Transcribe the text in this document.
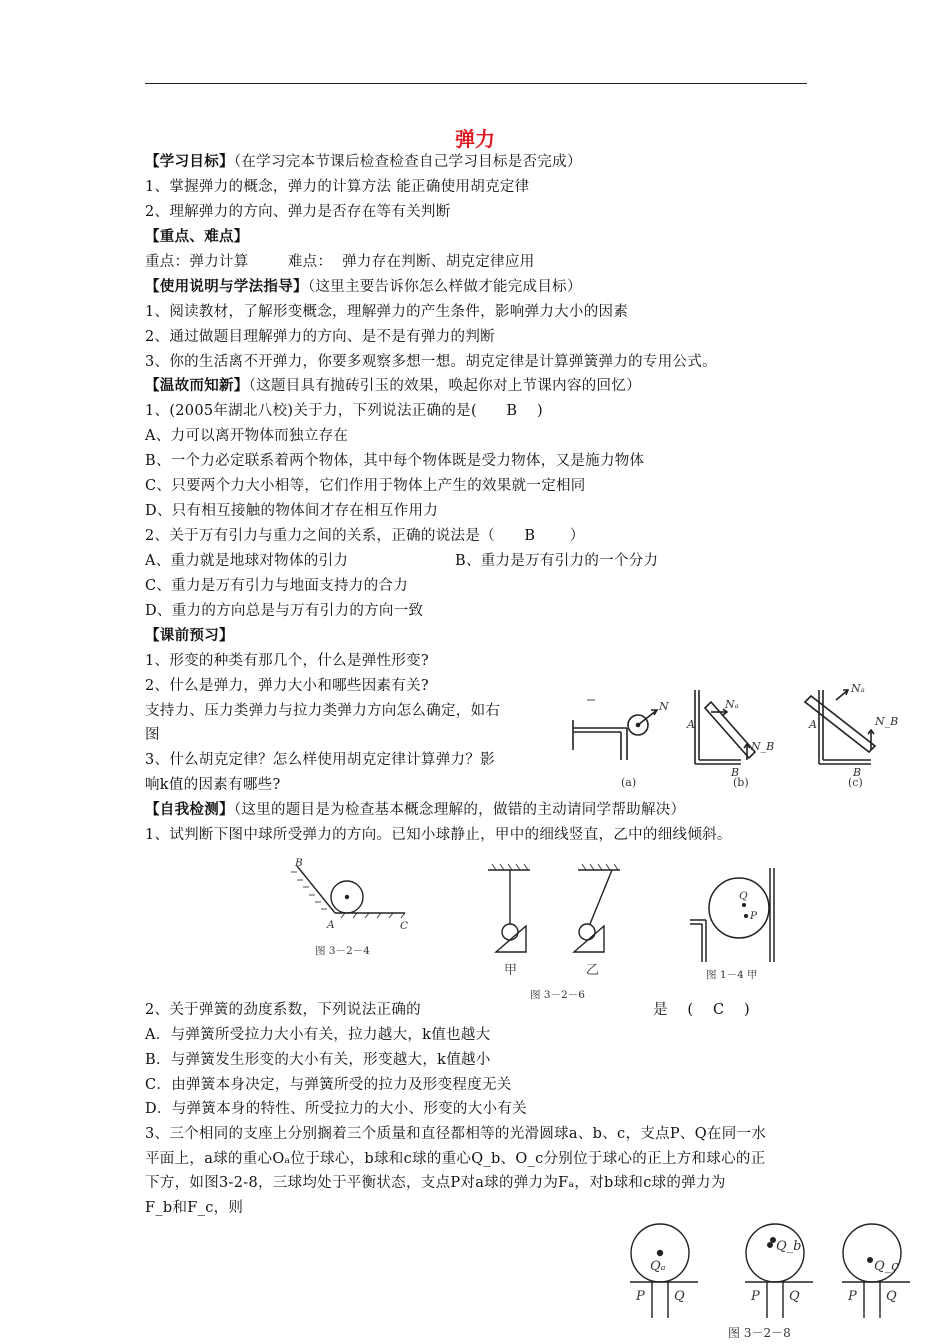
弹力
【学习目标】（在学习完本节课后检查检查自己学习目标是否完成）
1、掌握弹力的概念，弹力的计算方法 能正确使用胡克定律
2、理解弹力的方向、弹力是否存在等有关判断
【重点、难点】
重点：弹力计算        难点：  弹力存在判断、胡克定律应用
【使用说明与学法指导】（这里主要告诉你怎么样做才能完成目标）
1、阅读教材，了解形变概念，理解弹力的产生条件，影响弹力大小的因素
2、通过做题目理解弹力的方向、是不是有弹力的判断
3、你的生活离不开弹力，你要多观察多想一想。胡克定律是计算弹簧弹力的专用公式。
【温故而知新】（这题目具有抛砖引玉的效果，唤起你对上节课内容的回忆）
1、(2005年湖北八校)关于力，下列说法正确的是(      B    )
A、力可以离开物体而独立存在
B、一个力必定联系着两个物体，其中每个物体既是受力物体，又是施力物体
C、只要两个力大小相等，它们作用于物体上产生的效果就一定相同
D、只有相互接触的物体间才存在相互作用力
2、关于万有引力与重力之间的关系，正确的说法是（      B       ）
A、重力就是地球对物体的引力	B、重力是万有引力的一个分力
C、重力是万有引力与地面支持力的合力
D、重力的方向总是与万有引力的方向一致
【课前预习】
1、形变的种类有那几个，什么是弹性形变?
2、什么是弹力，弹力大小和哪些因素有关?
支持力、压力类弹力与拉力类弹力方向怎么确定，如右
图
3、什么胡克定律？怎么样使用胡克定律计算弹力？影
响k值的因素有哪些?
【自我检测】（这里的题目是为检查基本概念理解的，做错的主动请同学帮助解决）
1、试判断下图中球所受弹力的方向。已知小球静止，甲中的细线竖直，乙中的细线倾斜。
2、关于弹簧的劲度系数，下列说法正确的	是    (    C    )
A．与弹簧所受拉力大小有关，拉力越大，k值也越大
B．与弹簧发生形变的大小有关，形变越大，k值越小
C．由弹簧本身决定，与弹簧所受的拉力及形变程度无关
D．与弹簧本身的特性、所受拉力的大小、形变的大小有关
3、三个相同的支座上分别搁着三个质量和直径都相等的光滑圆球a、b、c，支点P、Q在同一水
平面上，a球的重心Oₐ位于球心，b球和c球的重心Q_b、O_c分别位于球心的正上方和球心的正
下方，如图3-2-8，三球均处于平衡状态，支点P对a球的弹力为Fₐ，对b球和c球的弹力为
F_b和F_c，则
(a)	(b)	(c)
N
A
Nₐ
N_B
B
A
Nₐ
N_B
B
B
A	C
图 3－2－4
甲	乙
图 3－2－6
Q
P
图 1－4 甲
Qₐ
Q_b
Q_c
P Q	P Q	P Q
图 3－2－8
